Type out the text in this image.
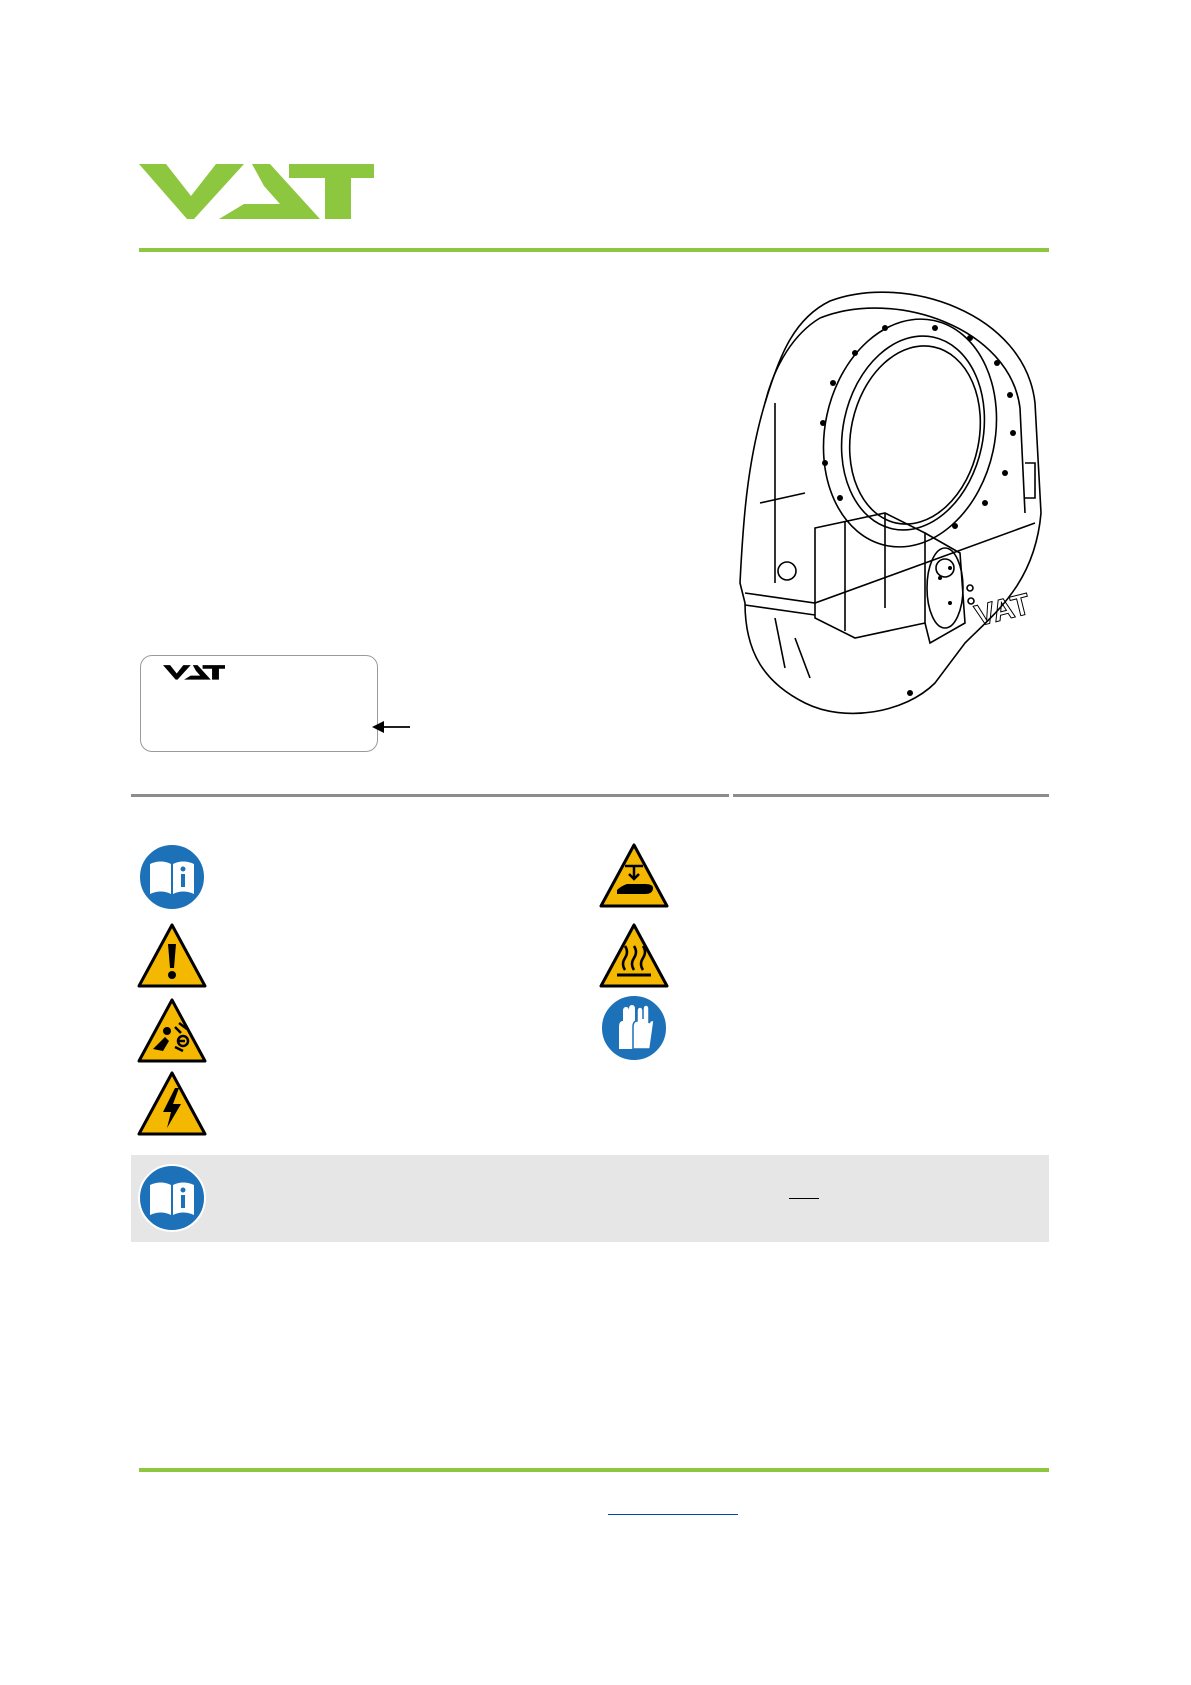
VAT
